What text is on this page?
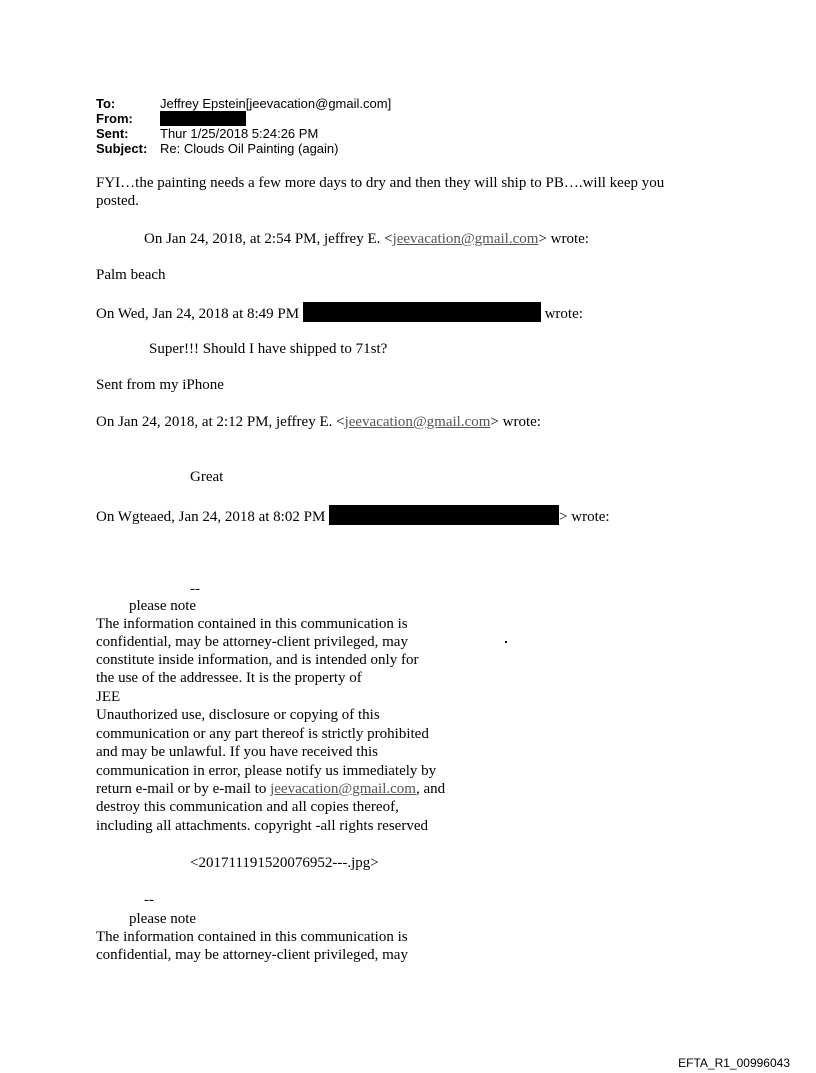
To:	Jeffrey Epstein[jeevacation@gmail.com]
From:
Sent: Thur 1/25/2018 5:24:26 PM
Subject: Re: Clouds Oil Painting (again)
FYI…the painting needs a few more days to dry and then they will ship to PB….will keep you
posted.
On Jan 24, 2018, at 2:54 PM, jeffrey E. <jeevacation@gmail.com> wrote:
Palm beach
On Wed, Jan 24, 2018 at 8:49 PM	wrote:
Super!!! Should I have shipped to 71st?
Sent from my iPhone
On Jan 24, 2018, at 2:12 PM, jeffrey E. <jeevacation@gmail.com> wrote:
Great
On Wgteaed, Jan 24, 2018 at 8:02 PM	> wrote:
--
please note
The information contained in this communication is
confidential, may be attorney-client privileged, may
constitute inside information, and is intended only for
the use of the addressee. It is the property of
JEE
Unauthorized use, disclosure or copying of this
communication or any part thereof is strictly prohibited
and may be unlawful. If you have received this
communication in error, please notify us immediately by
return e-mail or by e-mail to jeevacation@gmail.com, and
destroy this communication and all copies thereof,
including all attachments. copyright -all rights reserved
<201711191520076952---.jpg>
--
please note
The information contained in this communication is
confidential, may be attorney-client privileged, may
EFTA_R1_00996043
